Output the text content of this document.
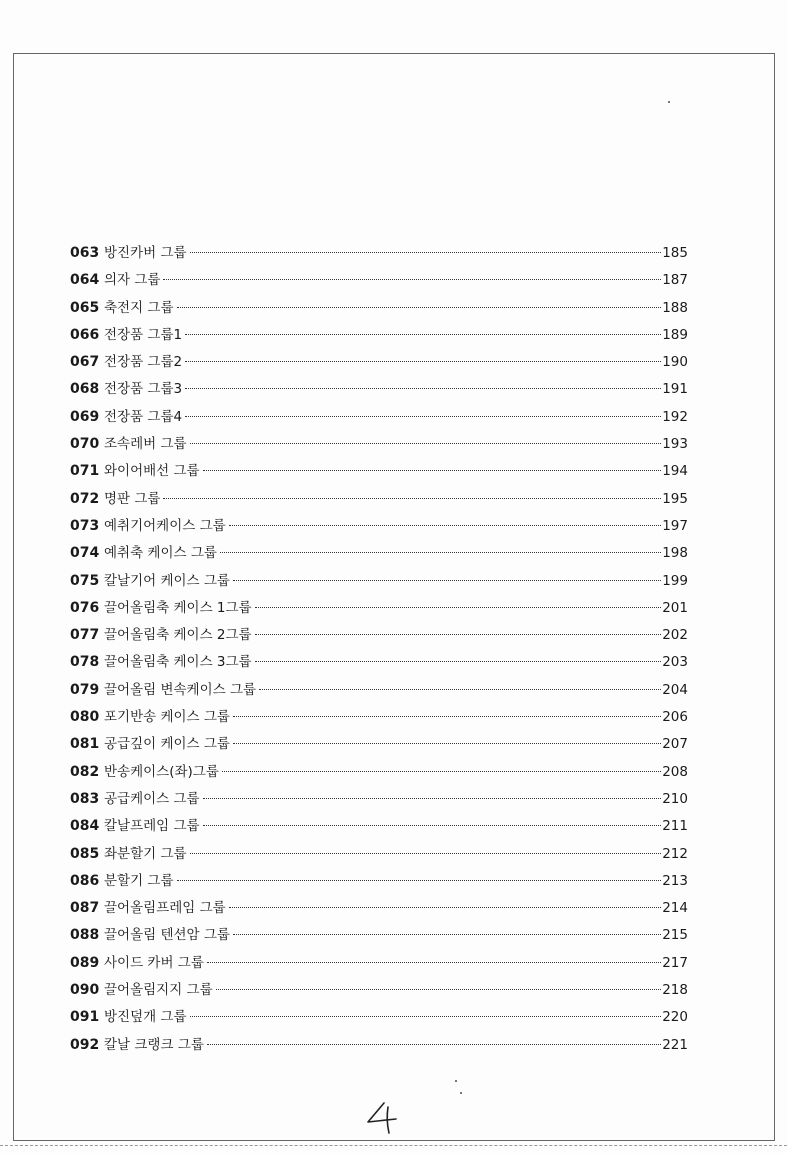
063 방진카버 그룹	185
064 의자 그룹	187
065 축전지 그룹	188
066 전장품 그룹1	189
067 전장품 그룹2	190
068 전장품 그룹3	191
069 전장품 그룹4	192
070 조속레버 그룹	193
071 와이어배선 그룹	194
072 명판 그룹	195
073 예취기어케이스 그룹	197
074 예취축 케이스 그룹	198
075 칼날기어 케이스 그룹	199
076 끌어올림축 케이스 1그룹	201
077 끌어올림축 케이스 2그룹	202
078 끌어올림축 케이스 3그룹	203
079 끌어올림 변속케이스 그룹	204
080 포기반송 케이스 그룹	206
081 공급깊이 케이스 그룹	207
082 반송케이스(좌)그룹	208
083 공급케이스 그룹	210
084 칼날프레임 그룹	211
085 좌분할기 그룹	212
086 분할기 그룹	213
087 끌어올림프레임 그룹	214
088 끌어올림 텐션암 그룹	215
089 사이드 카버 그룹	217
090 끌어올림지지 그룹	218
091 방진덮개 그룹	220
092 칼날 크랭크 그룹	221
